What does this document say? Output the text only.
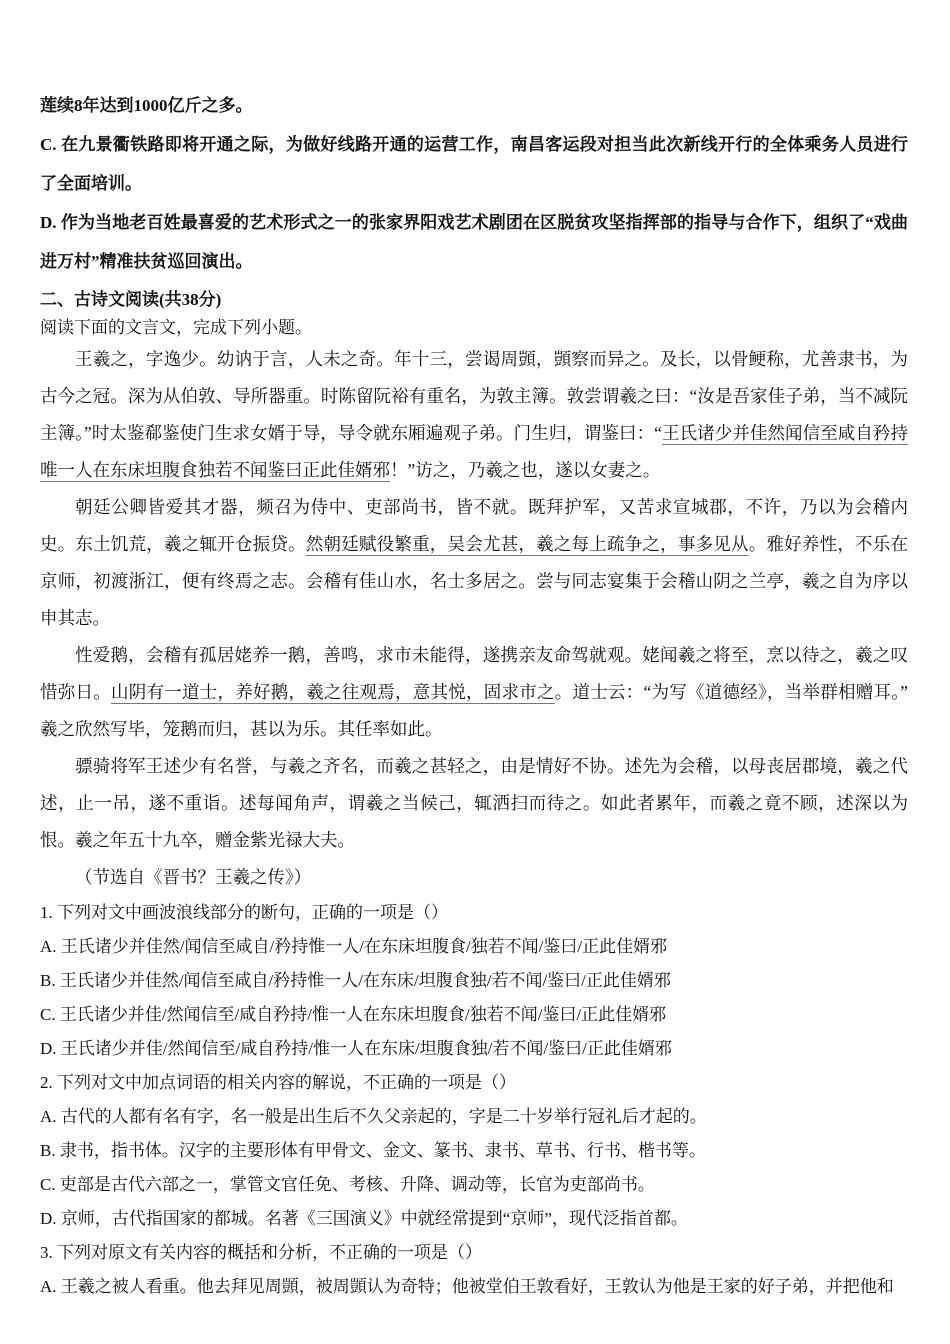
莲续8年达到1000亿斤之多。

C. 在九景衢铁路即将开通之际，为做好线路开通的运营工作，南昌客运段对担当此次新线开行的全体乘务人员进行了全面培训。

D. 作为当地老百姓最喜爱的艺术形式之一的张家界阳戏艺术剧团在区脱贫攻坚指挥部的指导与合作下，组织了“戏曲进万村”精准扶贫巡回演出。

二、古诗文阅读(共38分)

阅读下面的文言文，完成下列小题。

王羲之，字逸少。幼讷于言，人未之奇。年十三，尝谒周顗，顗察而异之。及长，以骨鲠称，尤善隶书，为古今之冠。深为从伯敦、导所器重。时陈留阮裕有重名，为敦主簿。敦尝谓羲之曰：“汝是吾家佳子弟，当不减阮主簿。”时太鉴郗鉴使门生求女婿于导，导令就东厢遍观子弟。门生归，谓鉴曰：“王氏诸少并佳然闻信至咸自矜持唯一人在东床坦腹食独若不闻鉴曰正此佳婿邪！”访之，乃羲之也，遂以女妻之。

朝廷公卿皆爱其才器，频召为侍中、吏部尚书，皆不就。既拜护军，又苦求宣城郡，不许，乃以为会稽内史。东土饥荒，羲之辄开仓振贷。然朝廷赋役繁重，吴会尤甚，羲之每上疏争之，事多见从。雅好养性，不乐在京师，初渡浙江，便有终焉之志。会稽有佳山水，名士多居之。尝与同志宴集于会稽山阴之兰亭，羲之自为序以申其志。

性爱鹅，会稽有孤居姥养一鹅，善鸣，求市未能得，遂携亲友命驾就观。姥闻羲之将至，烹以待之，羲之叹惜弥日。山阴有一道士，养好鹅，羲之往观焉，意其悦，固求市之。道士云：“为写《道德经》，当举群相赠耳。”羲之欣然写毕，笼鹅而归，甚以为乐。其任率如此。

骠骑将军王述少有名誉，与羲之齐名，而羲之甚轻之，由是情好不协。述先为会稽，以母丧居郡境，羲之代述，止一吊，遂不重诣。述每闻角声，谓羲之当候己，辄洒扫而待之。如此者累年，而羲之竟不顾，述深以为恨。羲之年五十九卒，赠金紫光禄大夫。

（节选自《晋书？王羲之传》）

1. 下列对文中画波浪线部分的断句，正确的一项是（）

A. 王氏诸少并佳然/闻信至咸自/矜持惟一人/在东床坦腹食/独若不闻/鉴曰/正此佳婿邪

B. 王氏诸少并佳然/闻信至咸自/矜持惟一人/在东床/坦腹食独/若不闻/鉴曰/正此佳婿邪

C. 王氏诸少并佳/然闻信至/咸自矜持/惟一人在东床坦腹食/独若不闻/鉴曰/正此佳婿邪

D. 王氏诸少并佳/然闻信至/咸自矜持/惟一人在东床/坦腹食独/若不闻/鉴曰/正此佳婿邪

2. 下列对文中加点词语的相关内容的解说，不正确的一项是（）

A. 古代的人都有名有字，名一般是出生后不久父亲起的，字是二十岁举行冠礼后才起的。

B. 隶书，指书体。汉字的主要形体有甲骨文、金文、篆书、隶书、草书、行书、楷书等。

C. 吏部是古代六部之一，掌管文官任免、考核、升降、调动等，长官为吏部尚书。

D. 京师，古代指国家的都城。名著《三国演义》中就经常提到“京师”，现代泛指首都。

3. 下列对原文有关内容的概括和分析，不正确的一项是（）

A. 王羲之被人看重。他去拜见周顗，被周顗认为奇特；他被堂伯王敦看好，王敦认为他是王家的好子弟，并把他和
